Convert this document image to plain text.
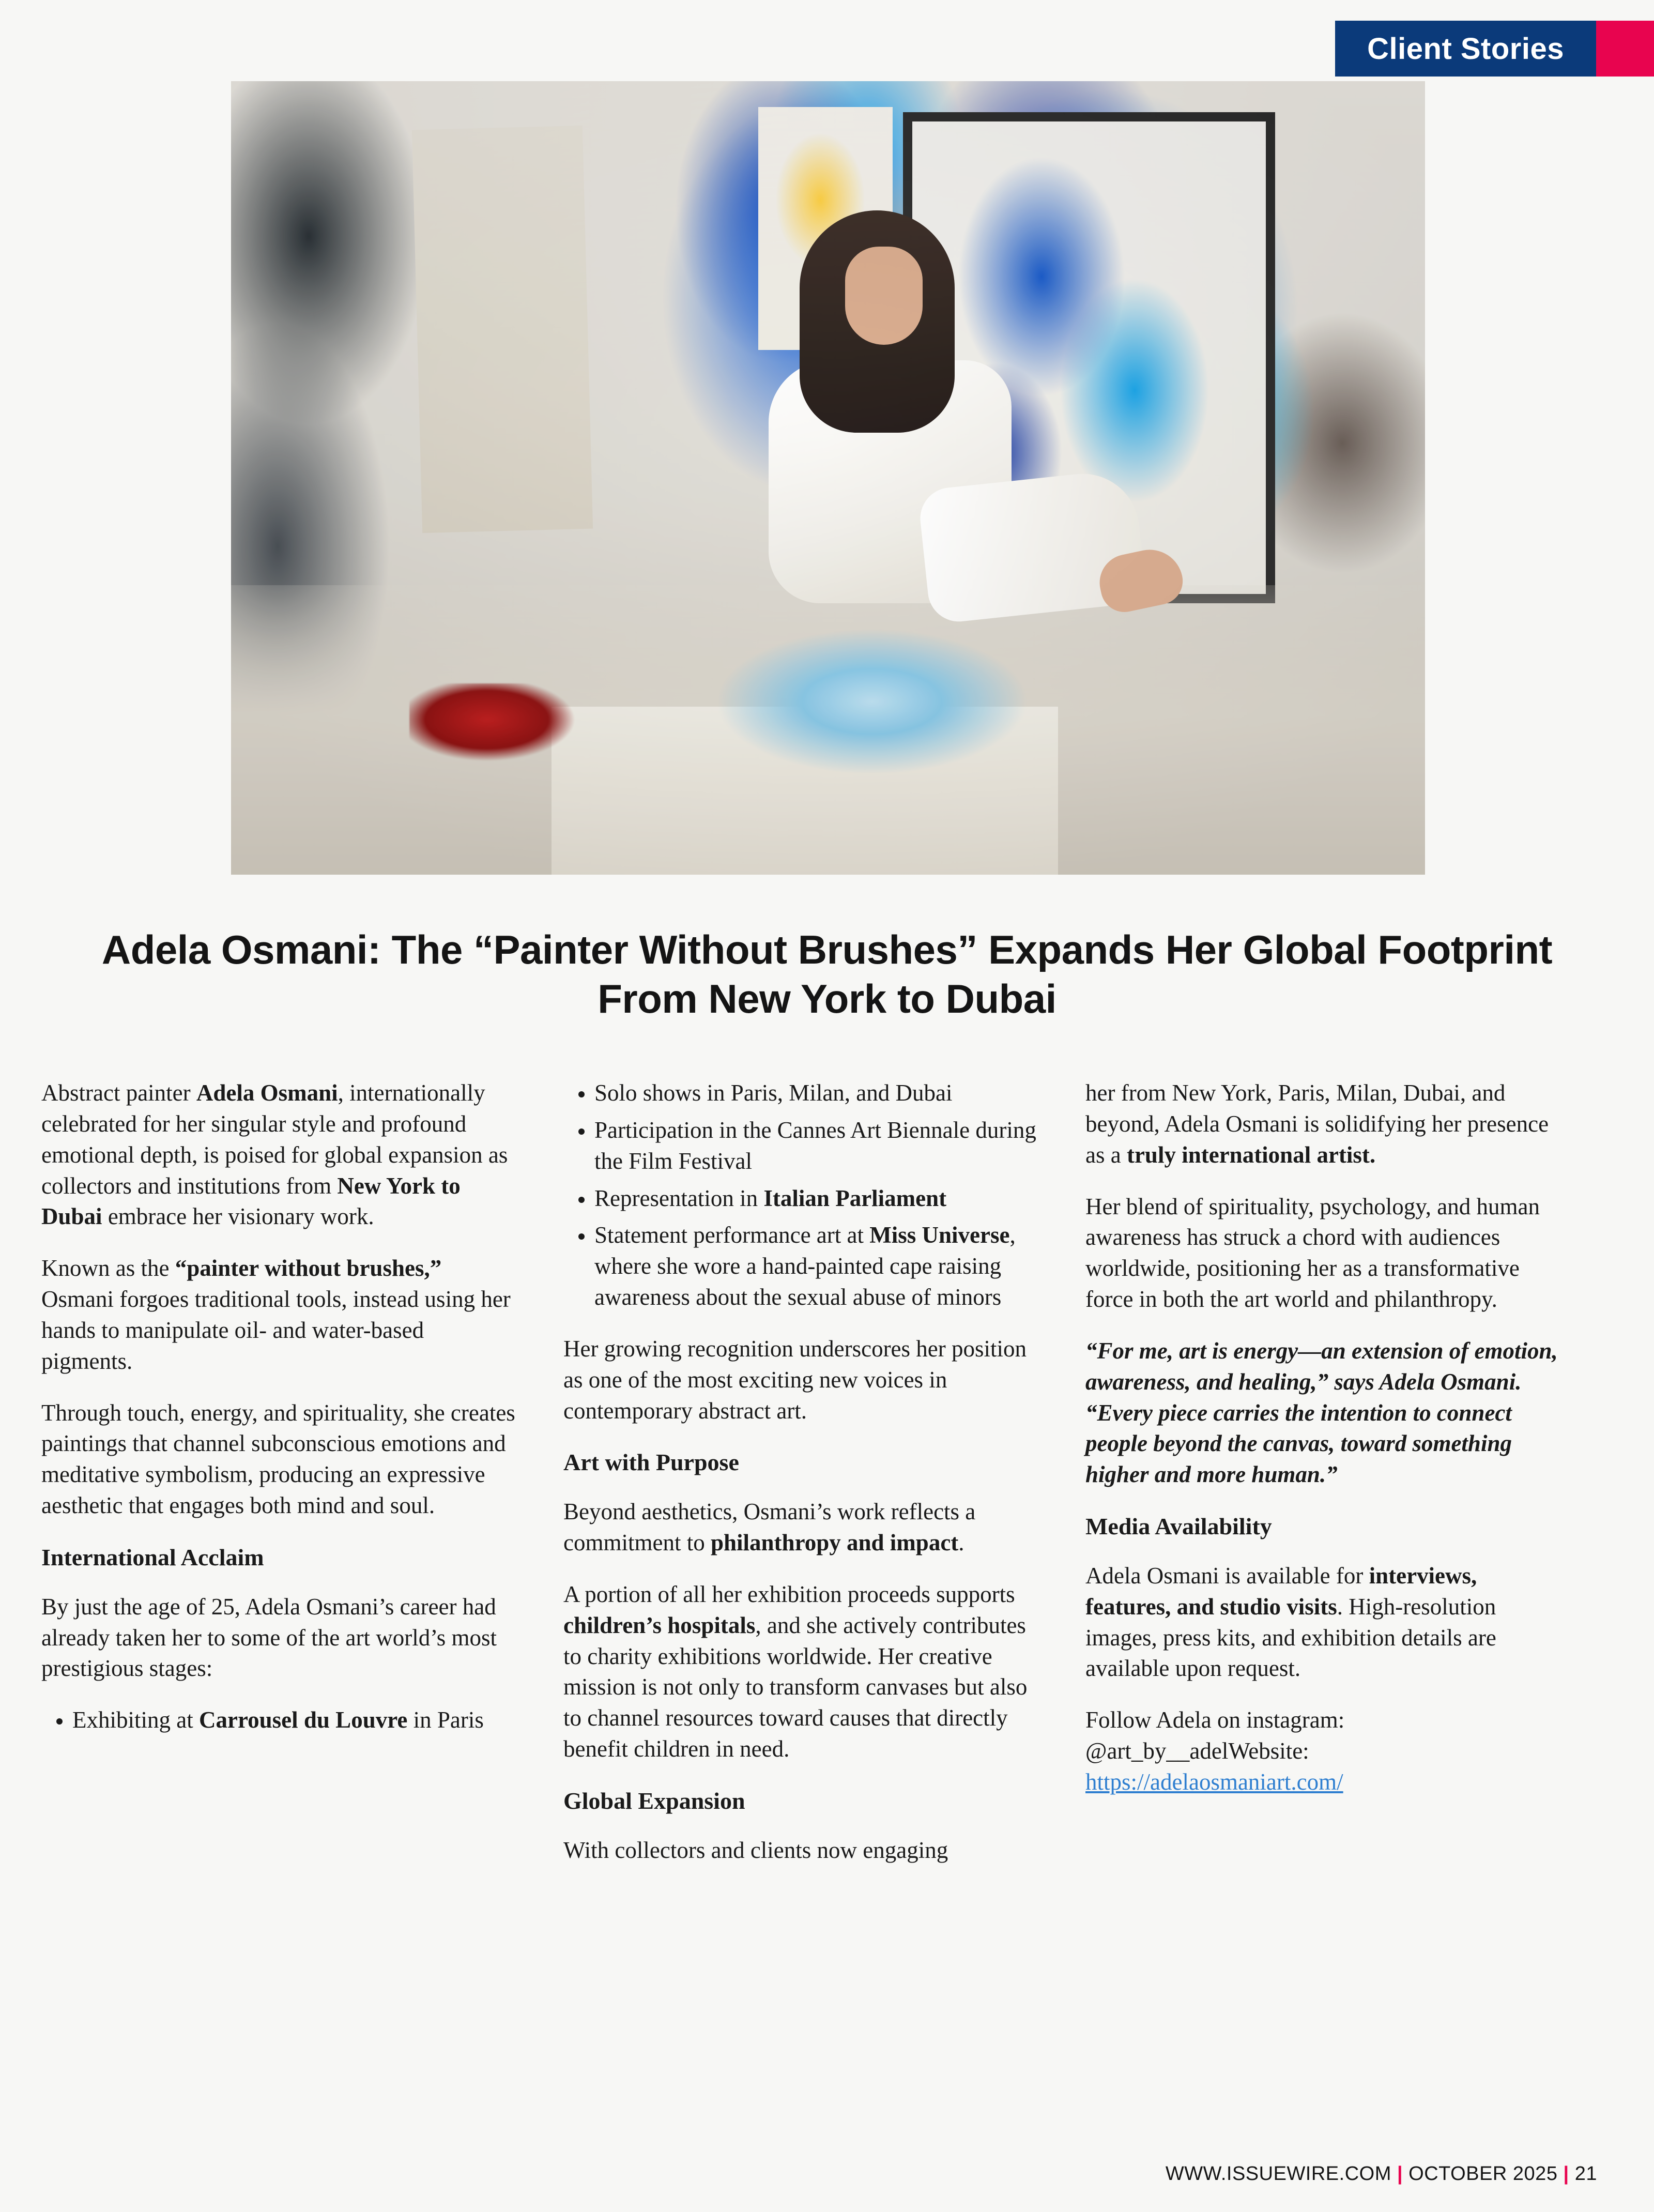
Client Stories
Adela Osmani: The “Painter Without Brushes” Expands Her Global Footprint From New York to Dubai

Abstract painter Adela Osmani, internationally celebrated for her singular style and profound emotional depth, is poised for global expansion as collectors and institutions from New York to Dubai embrace her visionary work.

Known as the “painter without brushes,” Osmani forgoes traditional tools, instead using her hands to manipulate oil- and water-based pigments.

Through touch, energy, and spirituality, she creates paintings that channel subconscious emotions and meditative symbolism, producing an expressive aesthetic that engages both mind and soul.

International Acclaim

By just the age of 25, Adela Osmani’s career had already taken her to some of the art world’s most prestigious stages:

• Exhibiting at Carrousel du Louvre in Paris
• Solo shows in Paris, Milan, and Dubai
• Participation in the Cannes Art Biennale during the Film Festival
• Representation in Italian Parliament
• Statement performance art at Miss Universe, where she wore a hand-painted cape raising awareness about the sexual abuse of minors

Her growing recognition underscores her position as one of the most exciting new voices in contemporary abstract art.

Art with Purpose

Beyond aesthetics, Osmani’s work reflects a commitment to philanthropy and impact.

A portion of all her exhibition proceeds supports children’s hospitals, and she actively contributes to charity exhibitions worldwide. Her creative mission is not only to transform canvases but also to channel resources toward causes that directly benefit children in need.

Global Expansion

With collectors and clients now engaging

her from New York, Paris, Milan, Dubai, and beyond, Adela Osmani is solidifying her presence as a truly international artist.

Her blend of spirituality, psychology, and human awareness has struck a chord with audiences worldwide, positioning her as a transformative force in both the art world and philanthropy.

“For me, art is energy—an extension of emotion, awareness, and healing,” says Adela Osmani. “Every piece carries the intention to connect people beyond the canvas, toward something higher and more human.”

Media Availability

Adela Osmani is available for interviews, features, and studio visits. High-resolution images, press kits, and exhibition details are available upon request.

Follow Adela on instagram: @art_by__adelWebsite: https://adelaosmaniart.com/

WWW.ISSUEWIRE.COM | OCTOBER 2025 | 21
